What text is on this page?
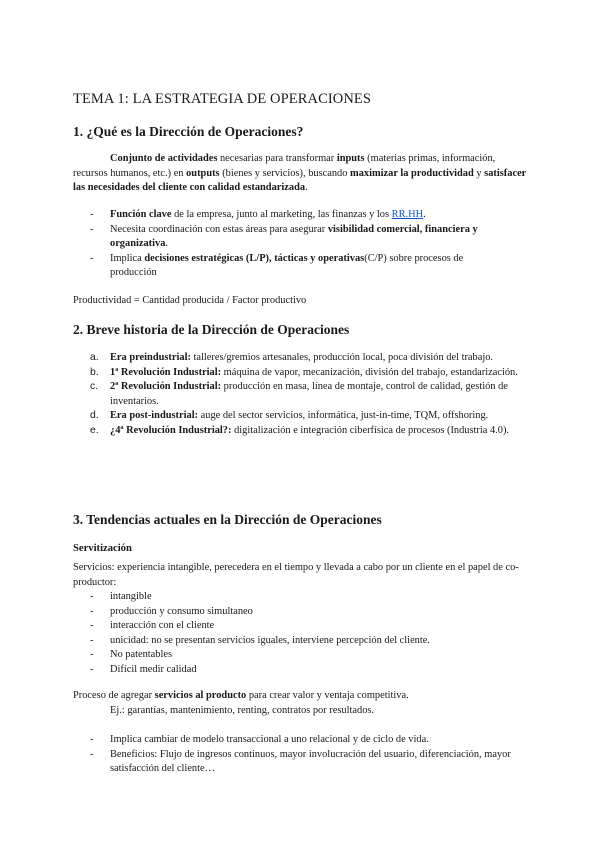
TEMA 1: LA ESTRATEGIA DE OPERACIONES
1. ¿Qué es la Dirección de Operaciones?
Conjunto de actividades necesarias para transformar inputs (materias primas, información, recursos humanos, etc.) en outputs (bienes y servicios), buscando maximizar la productividad y satisfacer las necesidades del cliente con calidad estandarizada.
- Función clave de la empresa, junto al marketing, las finanzas y los RR.HH.
- Necesita coordinación con estas áreas para asegurar visibilidad comercial, financiera y organizativa.
- Implica decisiones estratégicas (L/P), tácticas y operativas(C/P) sobre procesos de producción
Productividad = Cantidad producida / Factor productivo
2. Breve historia de la Dirección de Operaciones
a. Era preindustrial: talleres/gremios artesanales, producción local, poca división del trabajo.
b. 1ª Revolución Industrial: máquina de vapor, mecanización, división del trabajo, estandarización.
c. 2ª Revolución Industrial: producción en masa, línea de montaje, control de calidad, gestión de inventarios.
d. Era post-industrial: auge del sector servicios, informática, just-in-time, TQM, offshoring.
e. ¿4ª Revolución Industrial?: digitalización e integración ciberfísica de procesos (Industria 4.0).
3. Tendencias actuales en la Dirección de Operaciones
Servitización
Servicios: experiencia intangible, perecedera en el tiempo y llevada a cabo por un cliente en el papel de co-productor:
- intangible
- producción y consumo simultaneo
- interacción con el cliente
- unicidad: no se presentan servicios iguales, interviene percepción del cliente.
- No patentables
- Difícil medir calidad
Proceso de agregar servicios al producto para crear valor y ventaja competitiva.
Ej.: garantías, mantenimiento, renting, contratos por resultados.
- Implica cambiar de modelo transaccional a uno relacional y de ciclo de vida.
- Beneficios: Flujo de ingresos continuos, mayor involucración del usuario, diferenciación, mayor satisfacción del cliente…
